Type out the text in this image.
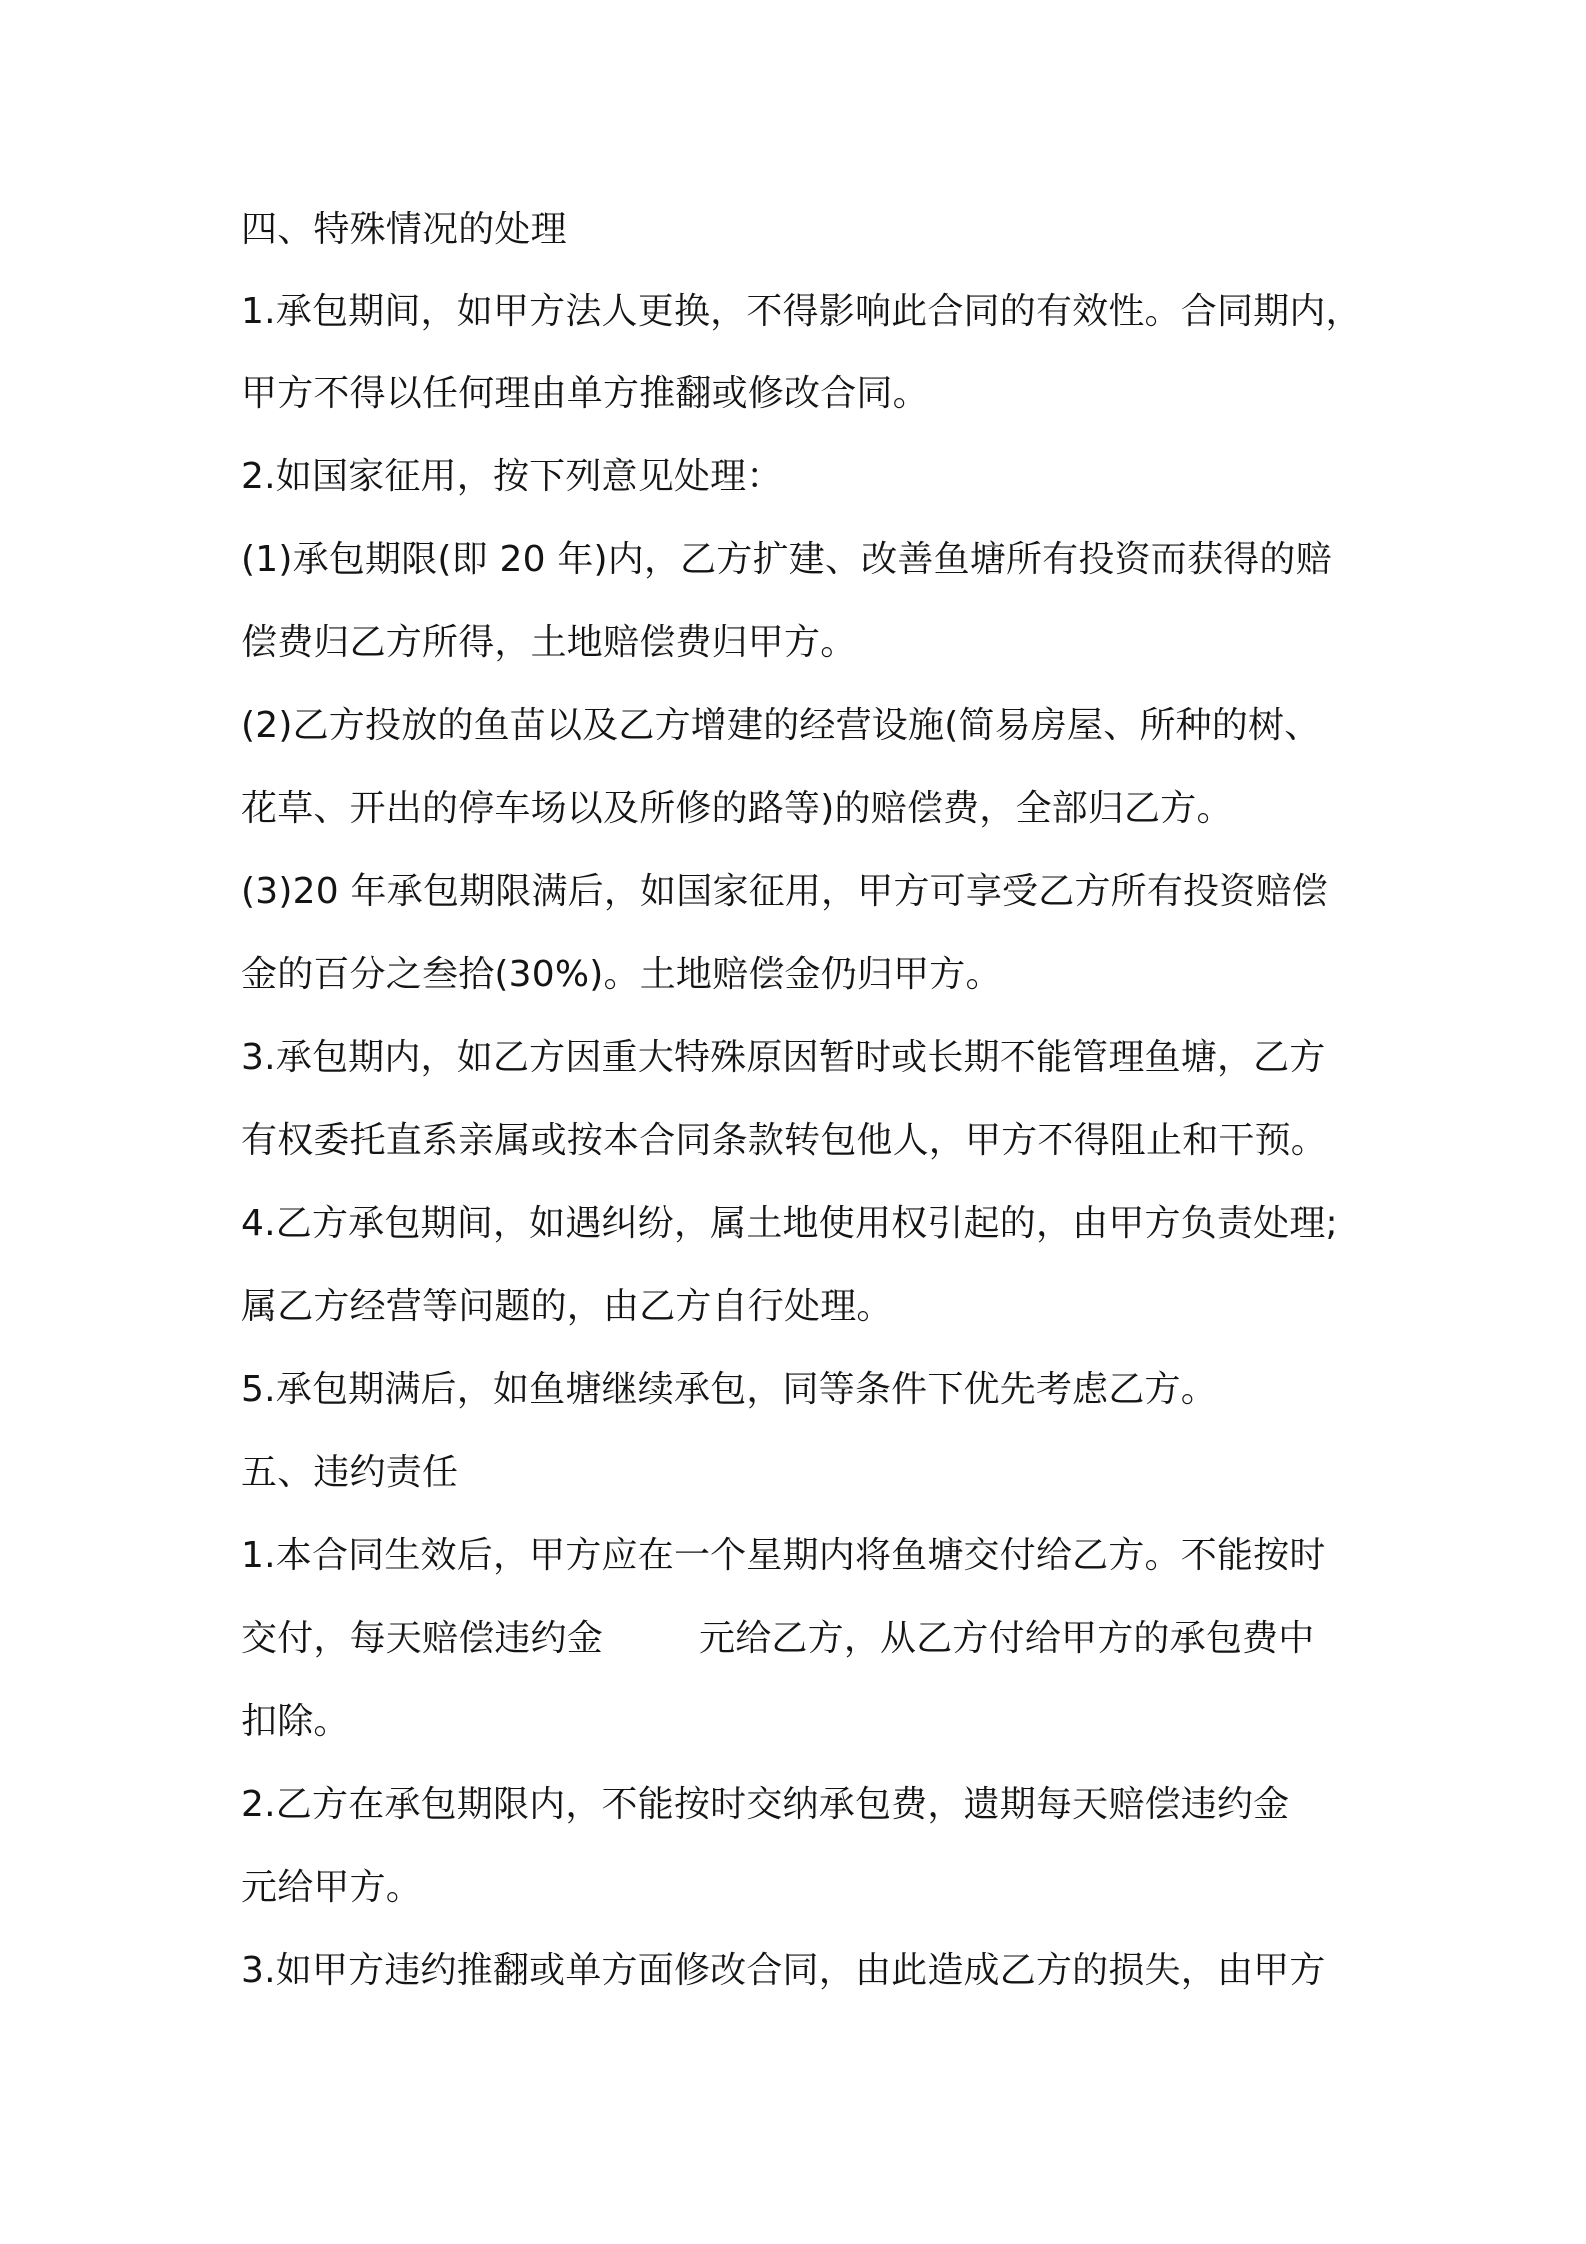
四、特殊情况的处理
1.承包期间，如甲方法人更换，不得影响此合同的有效性。合同期内，
甲方不得以任何理由单方推翻或修改合同。
2.如国家征用，按下列意见处理：
(1)承包期限(即 20 年)内，乙方扩建、改善鱼塘所有投资而获得的赔
偿费归乙方所得，土地赔偿费归甲方。
(2)乙方投放的鱼苗以及乙方增建的经营设施(简易房屋、所种的树、
花草、开出的停车场以及所修的路等)的赔偿费，全部归乙方。
(3)20 年承包期限满后，如国家征用，甲方可享受乙方所有投资赔偿
金的百分之叁拾(30%)。土地赔偿金仍归甲方。
3.承包期内，如乙方因重大特殊原因暂时或长期不能管理鱼塘，乙方
有权委托直系亲属或按本合同条款转包他人，甲方不得阻止和干预。
4.乙方承包期间，如遇纠纷，属土地使用权引起的，由甲方负责处理;
属乙方经营等问题的，由乙方自行处理。
5.承包期满后，如鱼塘继续承包，同等条件下优先考虑乙方。
五、违约责任
1.本合同生效后，甲方应在一个星期内将鱼塘交付给乙方。不能按时
交付，每天赔偿违约金	元给乙方，从乙方付给甲方的承包费中
扣除。
2.乙方在承包期限内，不能按时交纳承包费，遗期每天赔偿违约金
元给甲方。
3.如甲方违约推翻或单方面修改合同，由此造成乙方的损失，由甲方
